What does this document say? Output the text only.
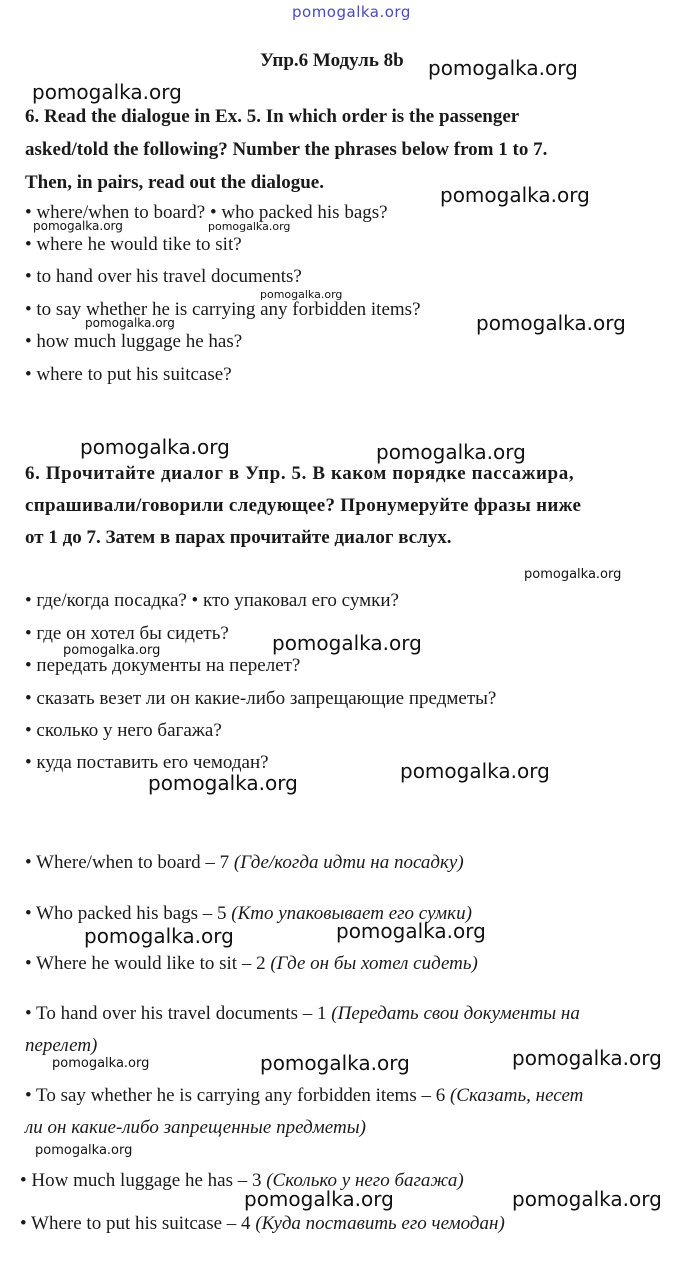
pomogalka.org
Упр.6 Модуль 8b
6. Read the dialogue in Ex. 5. In which order is the passenger
asked/told the following? Number the phrases below from 1 to 7.
Then, in pairs, read out the dialogue.
• where/when to board? • who packed his bags?
• where he would tike to sit?
• to hand over his travel documents?
• to say whether he is carrying any forbidden items?
• how much luggage he has?
• where to put his suitcase?
6. Прочитайте диалог в Упр. 5. В каком порядке пассажира,
спрашивали/говорили следующее? Пронумеруйте фразы ниже
от 1 до 7. Затем в парах прочитайте диалог вслух.
• где/когда посадка? • кто упаковал его сумки?
• где он хотел бы сидеть?
• передать документы на перелет?
• сказать везет ли он какие-либо запрещающие предметы?
• сколько у него багажа?
• куда поставить его чемодан?
• Where/when to board – 7 (Где/когда идти на посадку)
• Who packed his bags – 5 (Кто упаковывает его сумки)
• Where he would like to sit – 2 (Где он бы хотел сидеть)
• To hand over his travel documents – 1 (Передать свои документы на
перелет)
• To say whether he is carrying any forbidden items – 6 (Сказать, несет
ли он какие-либо запрещенные предметы)
• How much luggage he has – 3 (Сколько у него багажа)
• Where to put his suitcase – 4 (Куда поставить его чемодан)
pomogalka.org
pomogalka.org
pomogalka.org
pomogalka.org	pomogalka.org
pomogalka.org
pomogalka.org	pomogalka.org
pomogalka.org	pomogalka.org
pomogalka.org
pomogalka.org
pomogalka.org
pomogalka.org
pomogalka.org
pomogalka.org	pomogalka.org
pomogalka.org	pomogalka.org	pomogalka.org
pomogalka.org
pomogalka.org	pomogalka.org
